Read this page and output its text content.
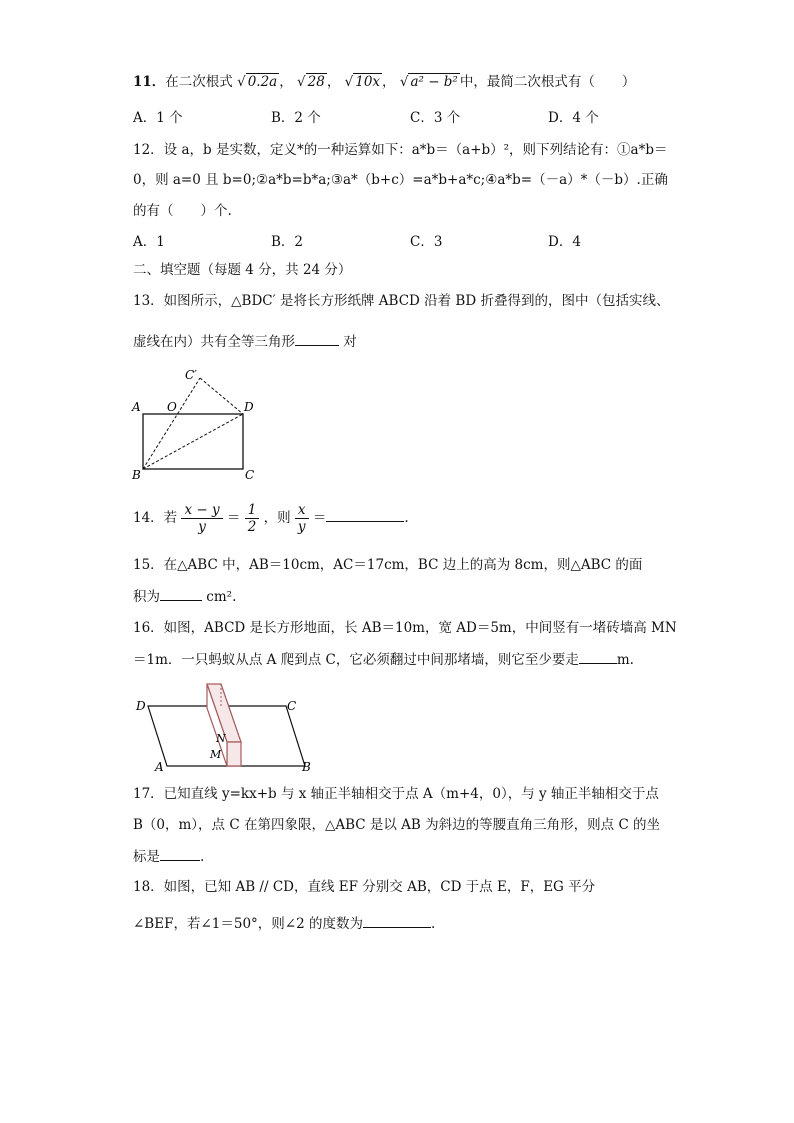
11．在二次根式 √ 0.2a ， √ 28 ， √ 10x ， √ a² − b² 中，最简二次根式有（　　）
A．1 个	B．2 个	C．3 个	D．4 个
12．设 a，b 是实数，定义*的一种运算如下：a*b＝（a+b）²，则下列结论有：①a*b＝
0，则 a=0 且 b=0;②a*b=b*a;③a*（b+c）=a*b+a*c;④a*b=（－a）*（－b）.正确
的有（　　）个.
A．1	B．2	C．3	D．4
二、填空题（每题 4 分，共 24 分）
13．如图所示，△BDC′ 是将长方形纸牌 ABCD 沿着 BD 折叠得到的，图中（包括实线、
虚线在内）共有全等三角形	对
A O
C′
D
B	C
14．若 $\frac{x - y}{y} = \frac{1}{2}$ ，则 $\frac{x}{y}$ ＝	.
15．在△ABC 中，AB＝10cm，AC＝17cm，BC 边上的高为 8cm，则△ABC 的面
积为	cm².
16．如图，ABCD 是长方形地面，长 AB＝10m，宽 AD＝5m，中间竖有一堵砖墙高 MN
＝1m．一只蚂蚁从点 A 爬到点 C，它必须翻过中间那堵墙，则它至少要走	m.
D	C
N
M
A	B
17．已知直线 y=kx+b 与 x 轴正半轴相交于点 A（m+4，0），与 y 轴正半轴相交于点
B（0，m），点 C 在第四象限，△ABC 是以 AB 为斜边的等腰直角三角形，则点 C 的坐
标是	.
18．如图，已知 AB // CD，直线 EF 分别交 AB，CD 于点 E，F，EG 平分
∠BEF，若∠1＝50°，则∠2 的度数为	.
